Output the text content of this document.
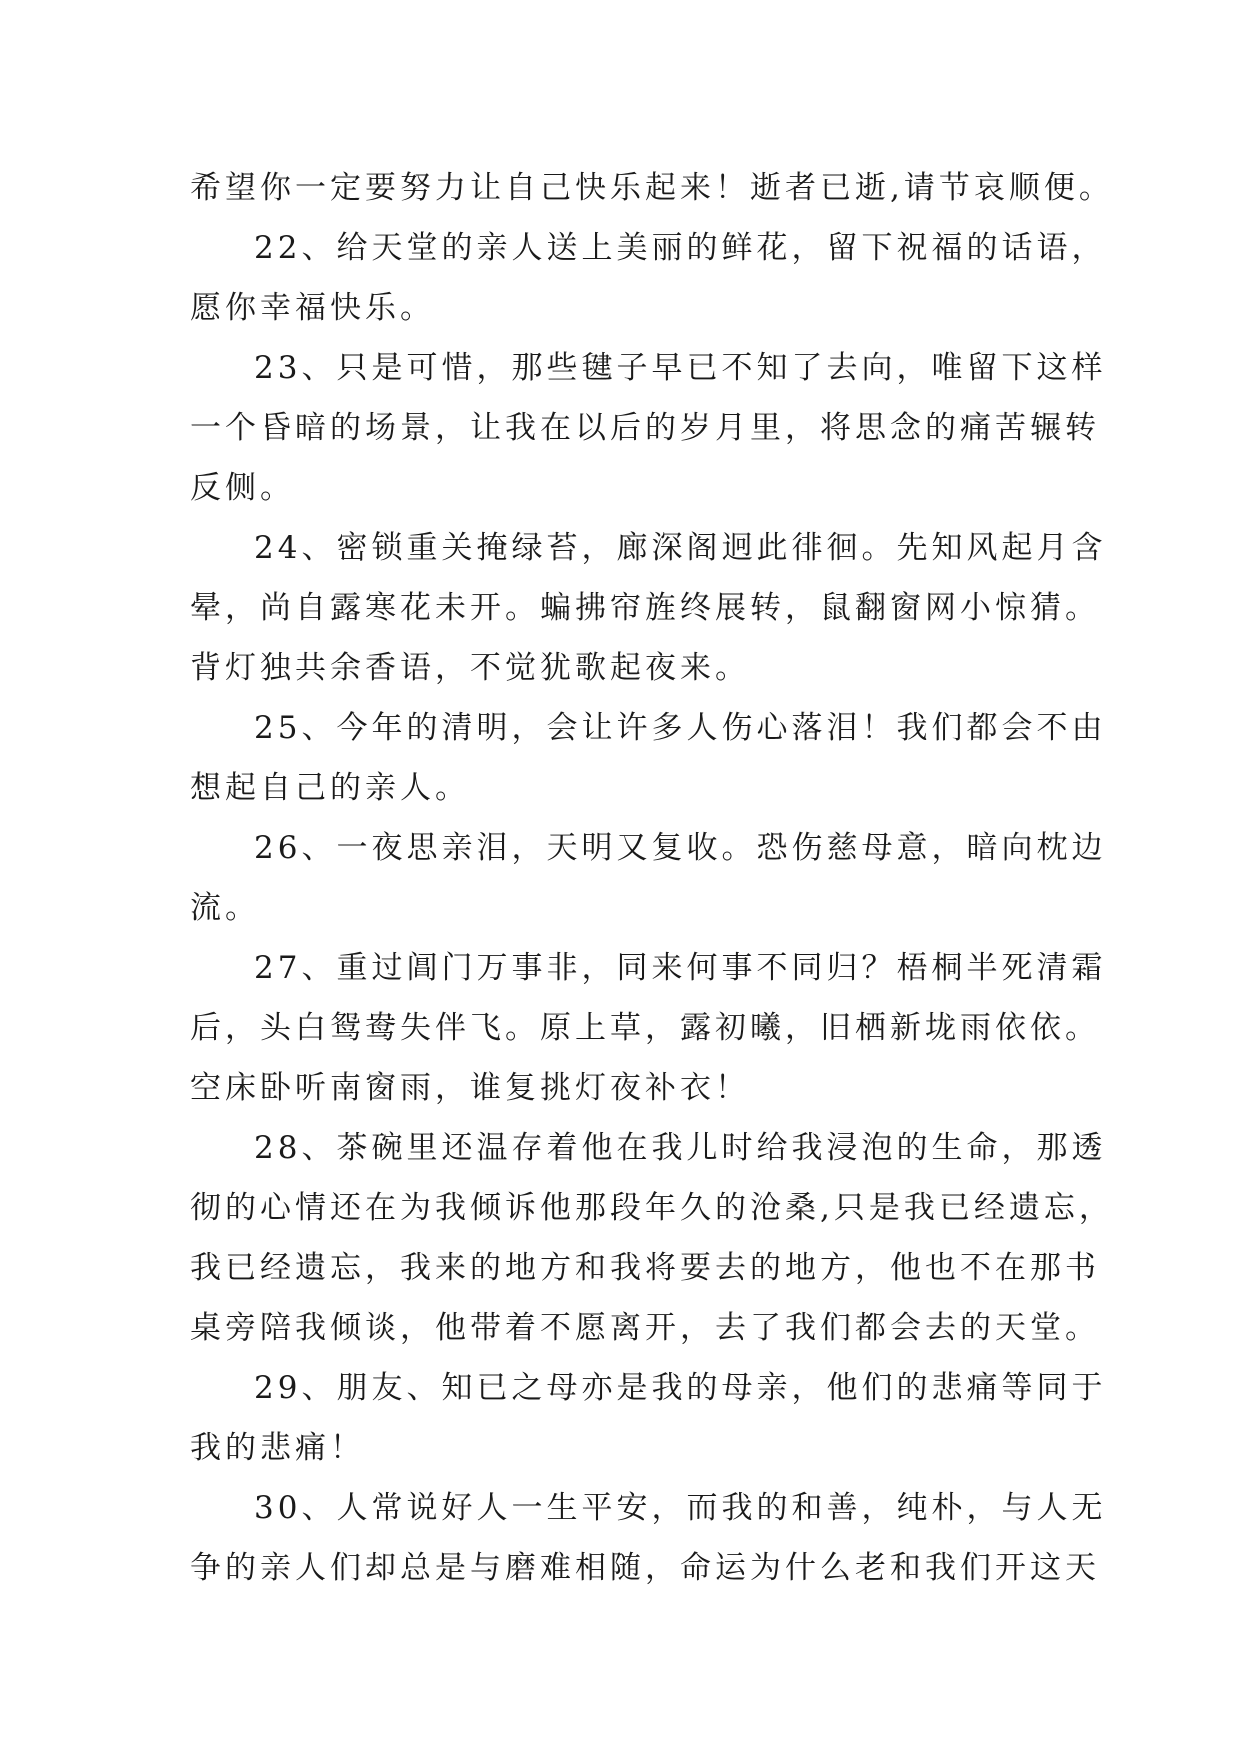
希望你一定要努力让自己快乐起来！逝者已逝,请节哀顺便。
22、给天堂的亲人送上美丽的鲜花，留下祝福的话语，
愿你幸福快乐。
23、只是可惜，那些毽子早已不知了去向，唯留下这样
一个昏暗的场景，让我在以后的岁月里，将思念的痛苦辗转
反侧。
24、密锁重关掩绿苔，廊深阁迥此徘徊。先知风起月含
晕，尚自露寒花未开。蝙拂帘旌终展转，鼠翻窗网小惊猜。
背灯独共余香语，不觉犹歌起夜来。
25、今年的清明，会让许多人伤心落泪！我们都会不由
想起自己的亲人。
26、一夜思亲泪，天明又复收。恐伤慈母意，暗向枕边
流。
27、重过阊门万事非，同来何事不同归？梧桐半死清霜
后，头白鸳鸯失伴飞。原上草，露初曦，旧栖新垅雨依依。
空床卧听南窗雨，谁复挑灯夜补衣！
28、茶碗里还温存着他在我儿时给我浸泡的生命，那透
彻的心情还在为我倾诉他那段年久的沧桑,只是我已经遗忘，
我已经遗忘，我来的地方和我将要去的地方，他也不在那书
桌旁陪我倾谈，他带着不愿离开，去了我们都会去的天堂。
29、朋友、知已之母亦是我的母亲，他们的悲痛等同于
我的悲痛！
30、人常说好人一生平安，而我的和善，纯朴，与人无
争的亲人们却总是与磨难相随，命运为什么老和我们开这天
